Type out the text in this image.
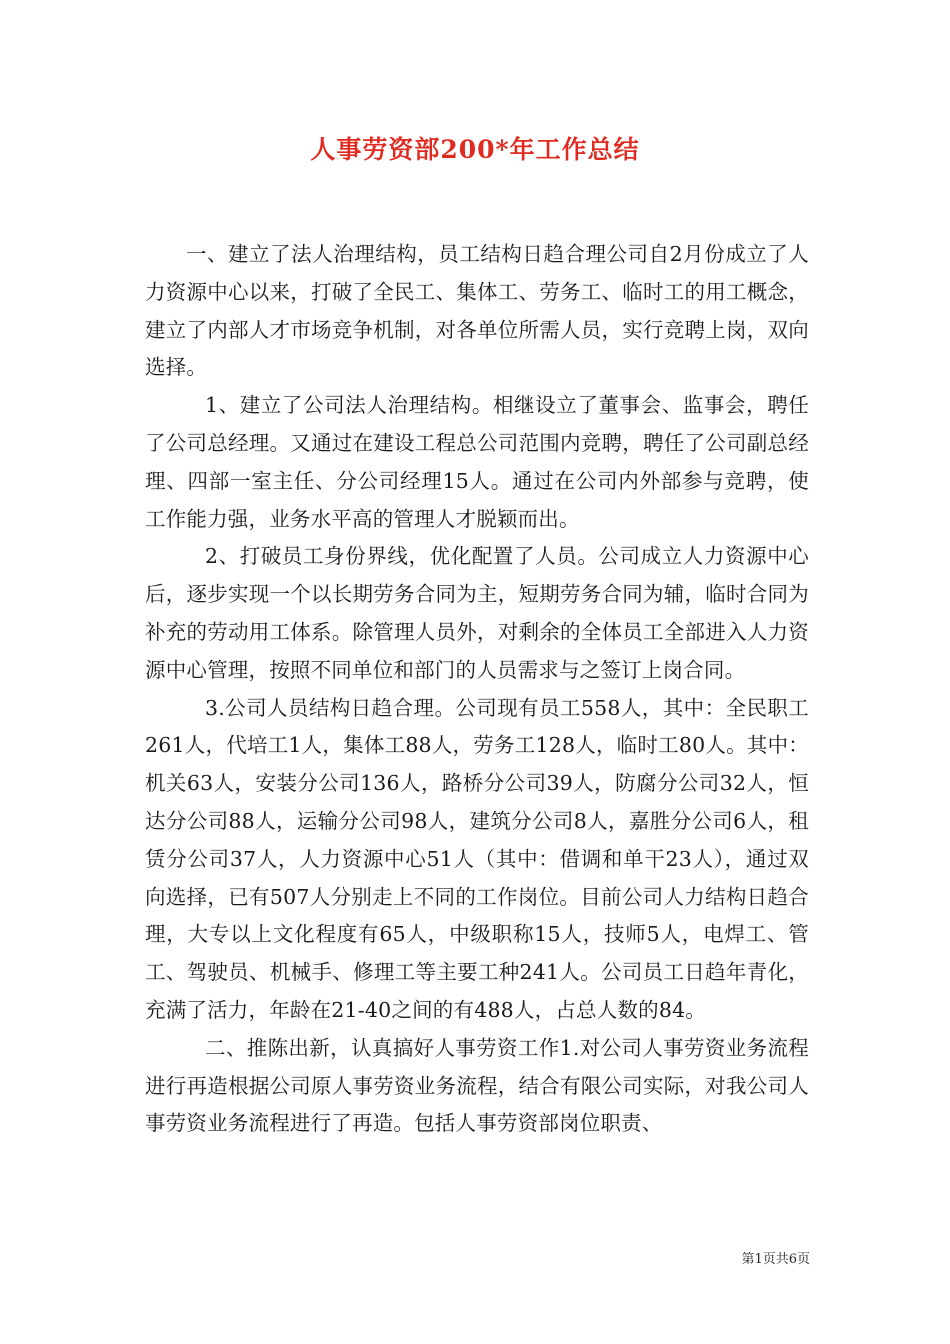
人事劳资部200*年工作总结

一、建立了法人治理结构，员工结构日趋合理公司自2月份成立了人力资源中心以来，打破了全民工、集体工、劳务工、临时工的用工概念，建立了内部人才市场竞争机制，对各单位所需人员，实行竞聘上岗，双向选择。

1、建立了公司法人治理结构。相继设立了董事会、监事会，聘任了公司总经理。又通过在建设工程总公司范围内竞聘，聘任了公司副总经理、四部一室主任、分公司经理15人。通过在公司内外部参与竞聘，使工作能力强，业务水平高的管理人才脱颖而出。

2、打破员工身份界线，优化配置了人员。公司成立人力资源中心后，逐步实现一个以长期劳务合同为主，短期劳务合同为辅，临时合同为补充的劳动用工体系。除管理人员外，对剩余的全体员工全部进入人力资源中心管理，按照不同单位和部门的人员需求与之签订上岗合同。

3.公司人员结构日趋合理。公司现有员工558人，其中：全民职工261人，代培工1人，集体工88人，劳务工128人，临时工80人。其中：机关63人，安装分公司136人，路桥分公司39人，防腐分公司32人，恒达分公司88人，运输分公司98人，建筑分公司8人，嘉胜分公司6人，租赁分公司37人，人力资源中心51人（其中：借调和单干23人），通过双向选择，已有507人分别走上不同的工作岗位。目前公司人力结构日趋合理，大专以上文化程度有65人，中级职称15人，技师5人，电焊工、管工、驾驶员、机械手、修理工等主要工种241人。公司员工日趋年青化，充满了活力，年龄在21-40之间的有488人，占总人数的84。

二、推陈出新，认真搞好人事劳资工作1.对公司人事劳资业务流程进行再造根据公司原人事劳资业务流程，结合有限公司实际，对我公司人事劳资业务流程进行了再造。包括人事劳资部岗位职责、

第1页共6页
